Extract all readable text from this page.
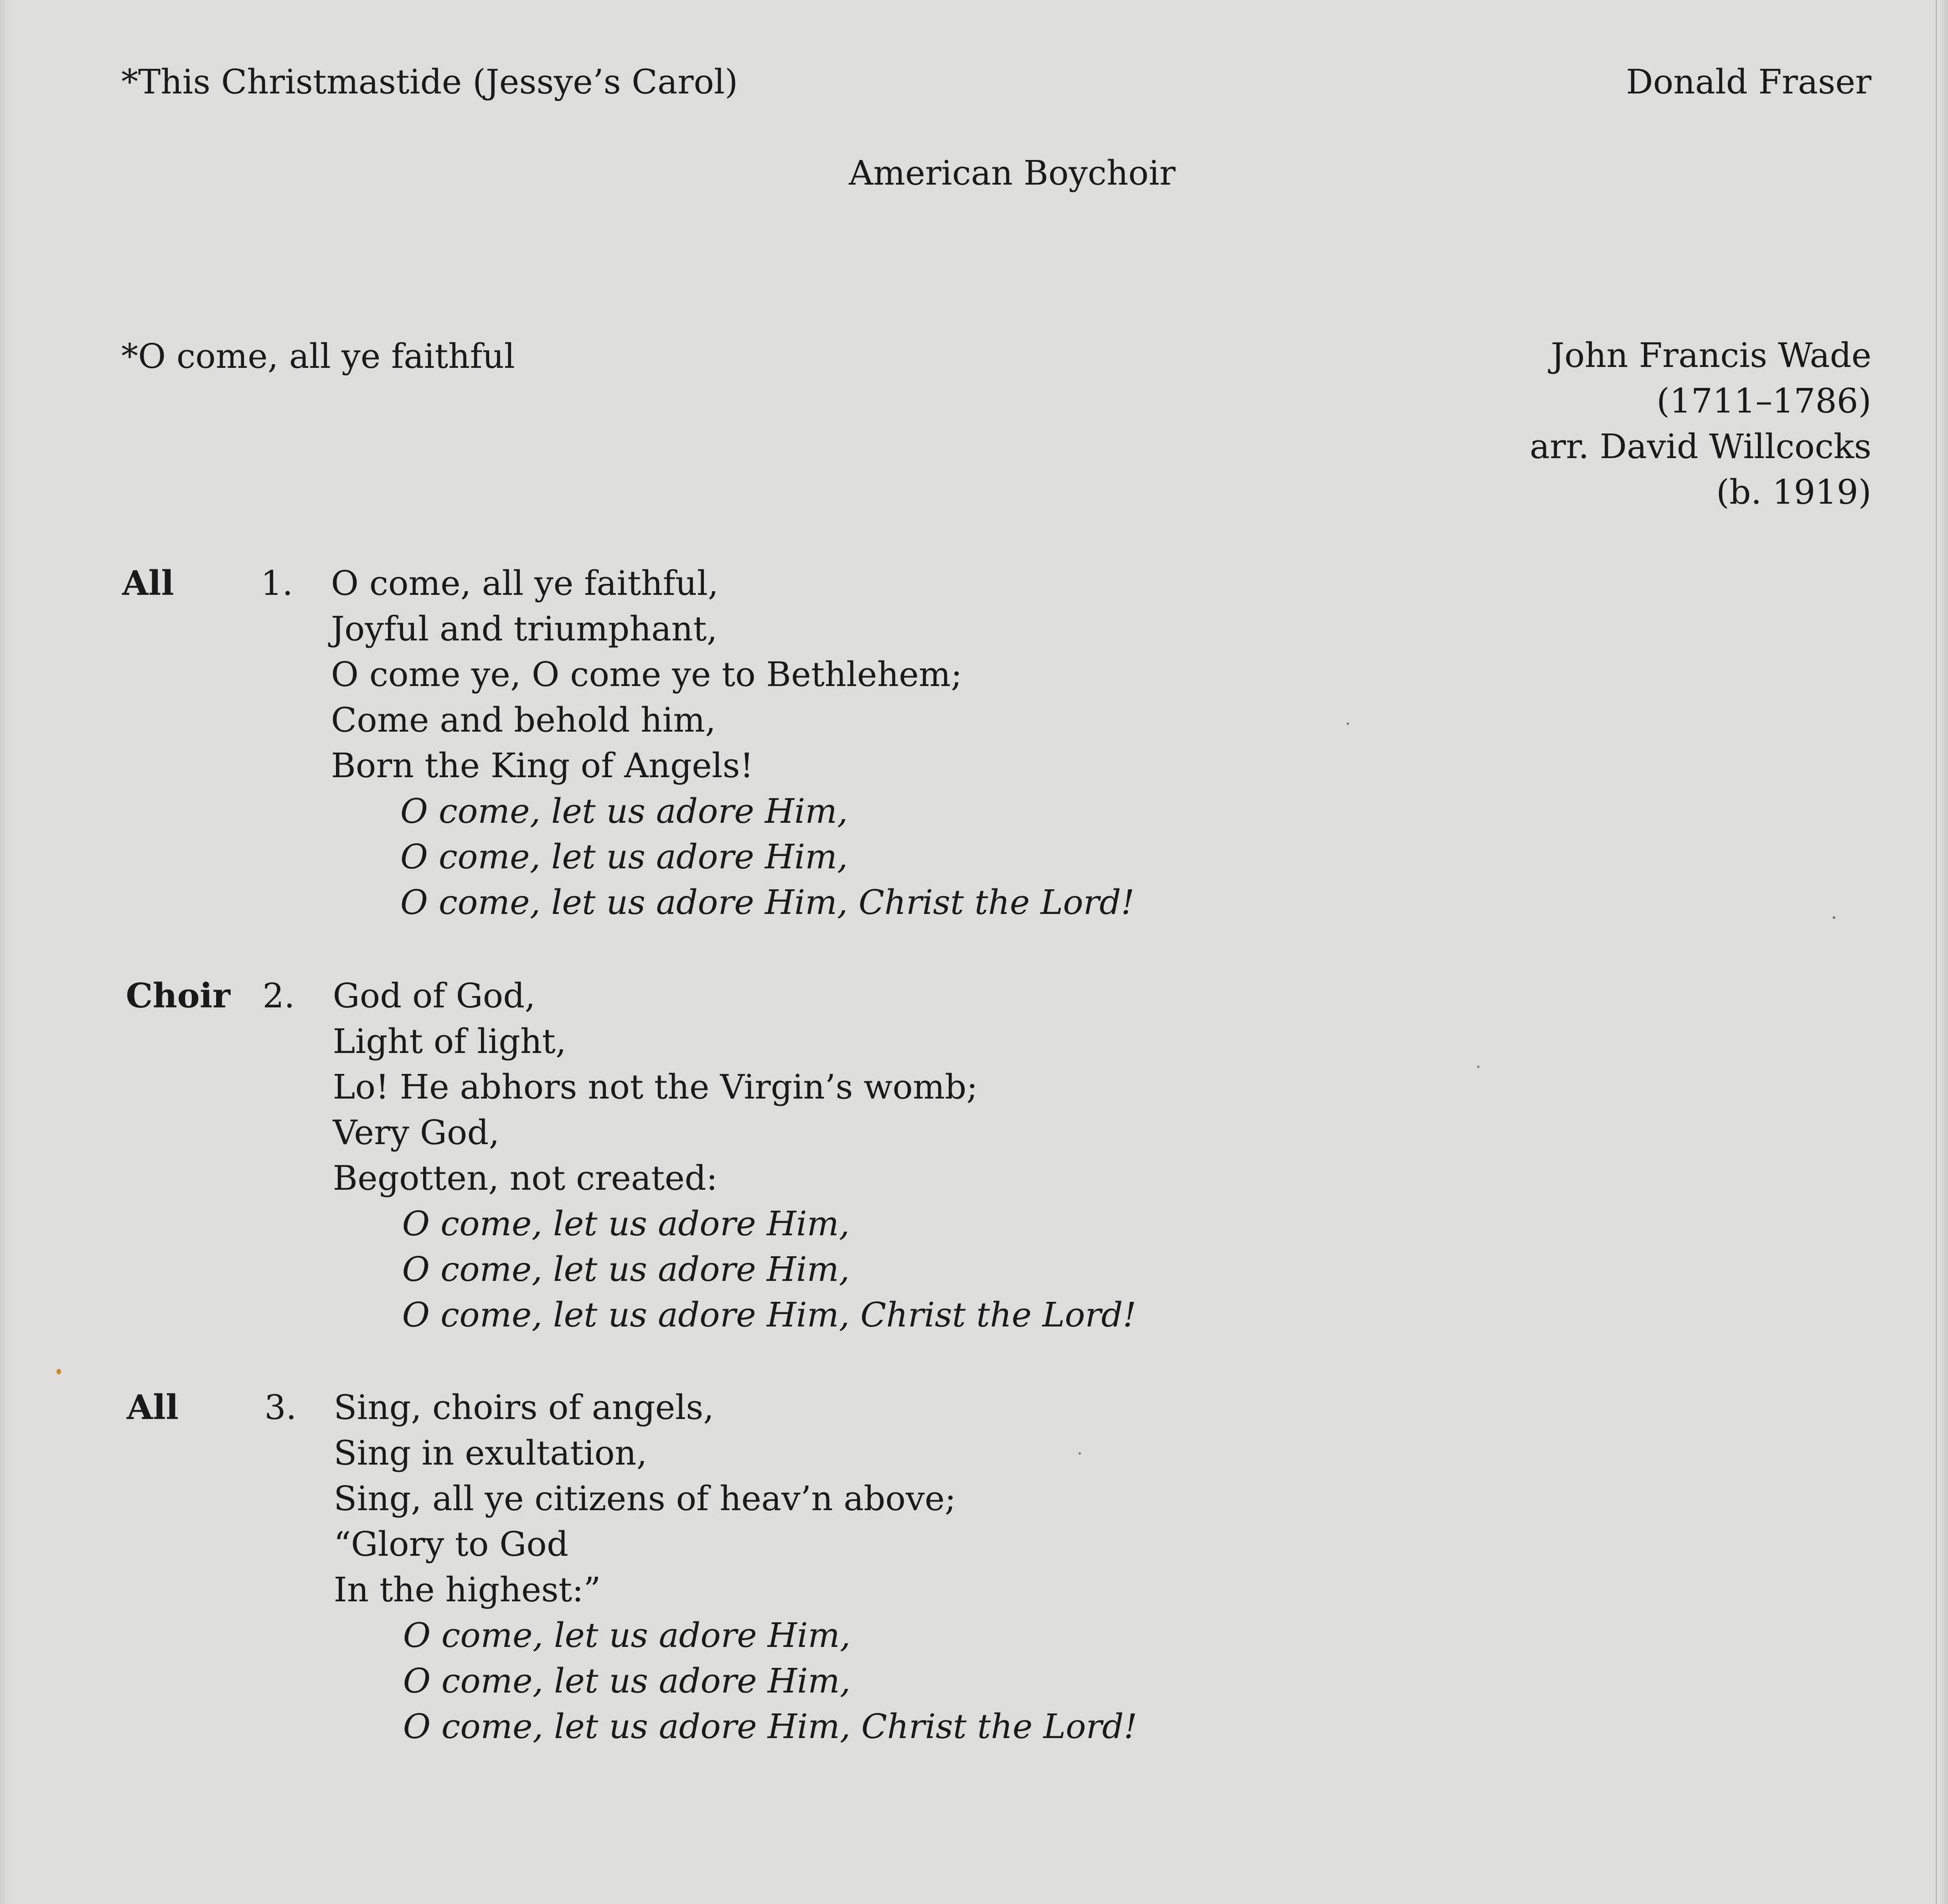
*This Christmastide (Jessye’s Carol)	Donald Fraser
American Boychoir
*O come, all ye faithful	John Francis Wade
(1711–1786)
arr. David Willcocks
(b. 1919)
All	1. O come, all ye faithful,
Joyful and triumphant,
O come ye, O come ye to Bethlehem;
Come and behold him,
Born the King of Angels!
O come, let us adore Him,
O come, let us adore Him,
O come, let us adore Him, Christ the Lord!
Choir 2. God of God,
Light of light,
Lo! He abhors not the Virgin’s womb;
Very God,
Begotten, not created:
O come, let us adore Him,
O come, let us adore Him,
O come, let us adore Him, Christ the Lord!
All	3. Sing, choirs of angels,
Sing in exultation,
Sing, all ye citizens of heav’n above;
“Glory to God
In the highest:”
O come, let us adore Him,
O come, let us adore Him,
O come, let us adore Him, Christ the Lord!
